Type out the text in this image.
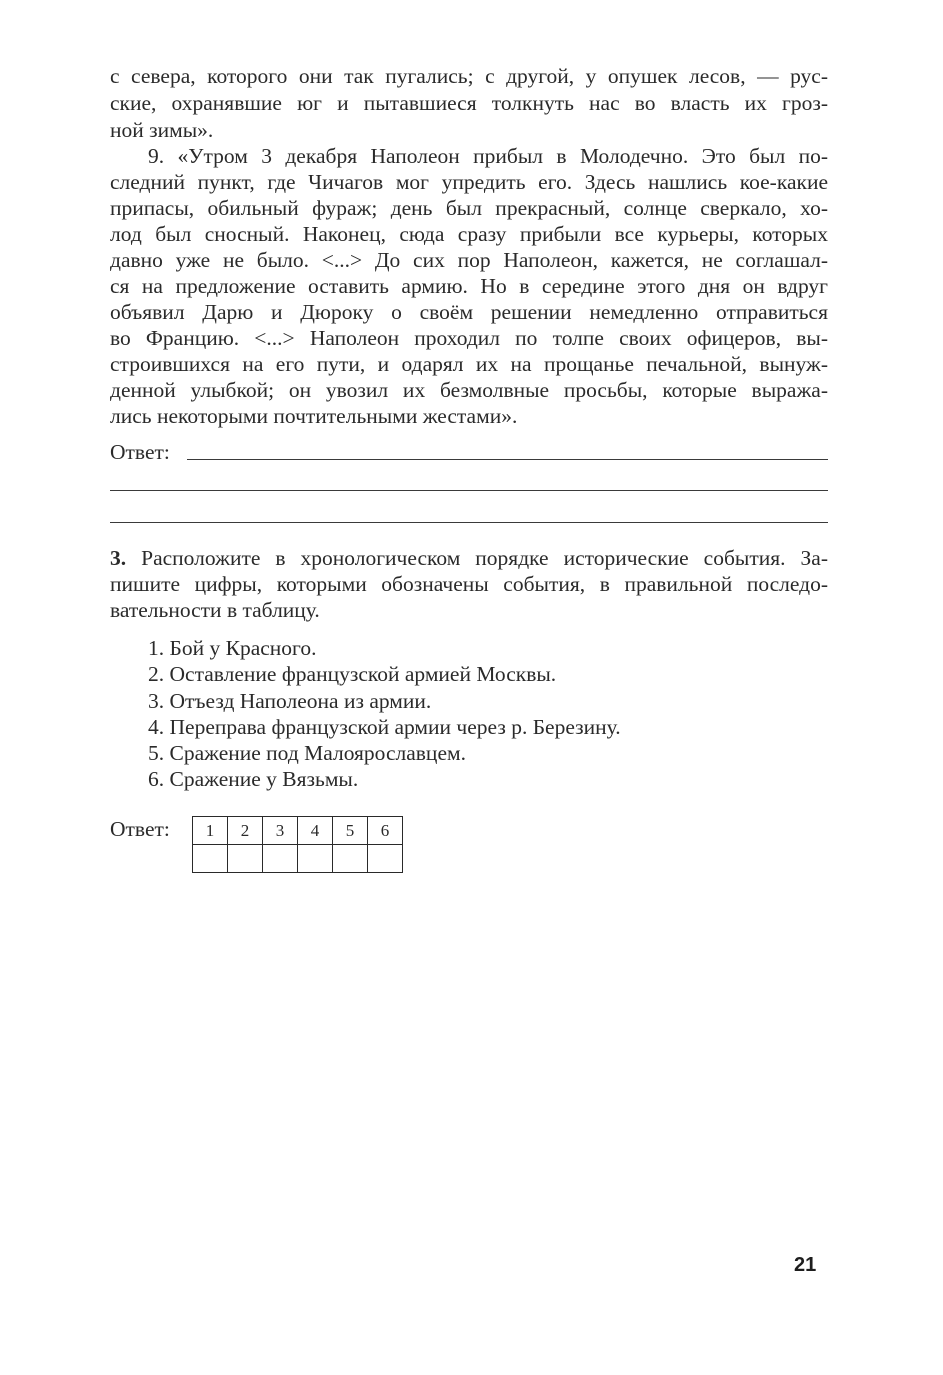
с севера, которого они так пугались; с другой, у опушек лесов, — рус-
ские, охранявшие юг и пытавшиеся толкнуть нас во власть их гроз-
ной зимы».
9. «Утром 3 декабря Наполеон прибыл в Молодечно. Это был по-
следний пункт, где Чичагов мог упредить его. Здесь нашлись кое-какие
припасы, обильный фураж; день был прекрасный, солнце сверкало, хо-
лод был сносный. Наконец, сюда сразу прибыли все курьеры, которых
давно уже не было. <...> До сих пор Наполеон, кажется, не соглашал-
ся на предложение оставить армию. Но в середине этого дня он вдруг
объявил Дарю и Дюроку о своём решении немедленно отправиться
во Францию. <...> Наполеон проходил по толпе своих офицеров, вы-
строившихся на его пути, и одарял их на прощанье печальной, вынуж-
денной улыбкой; он увозил их безмолвные просьбы, которые выража-
лись некоторыми почтительными жестами».
Ответ:
3. Расположите в хронологическом порядке исторические события. За-
пишите цифры, которыми обозначены события, в правильной последо-
вательности в таблицу.
1. Бой у Красного.
2. Оставление французской армией Москвы.
3. Отъезд Наполеона из армии.
4. Переправа французской армии через р. Березину.
5. Сражение под Малоярославцем.
6. Сражение у Вязьмы.
Ответ: 1	2	3	4	5	6

21
